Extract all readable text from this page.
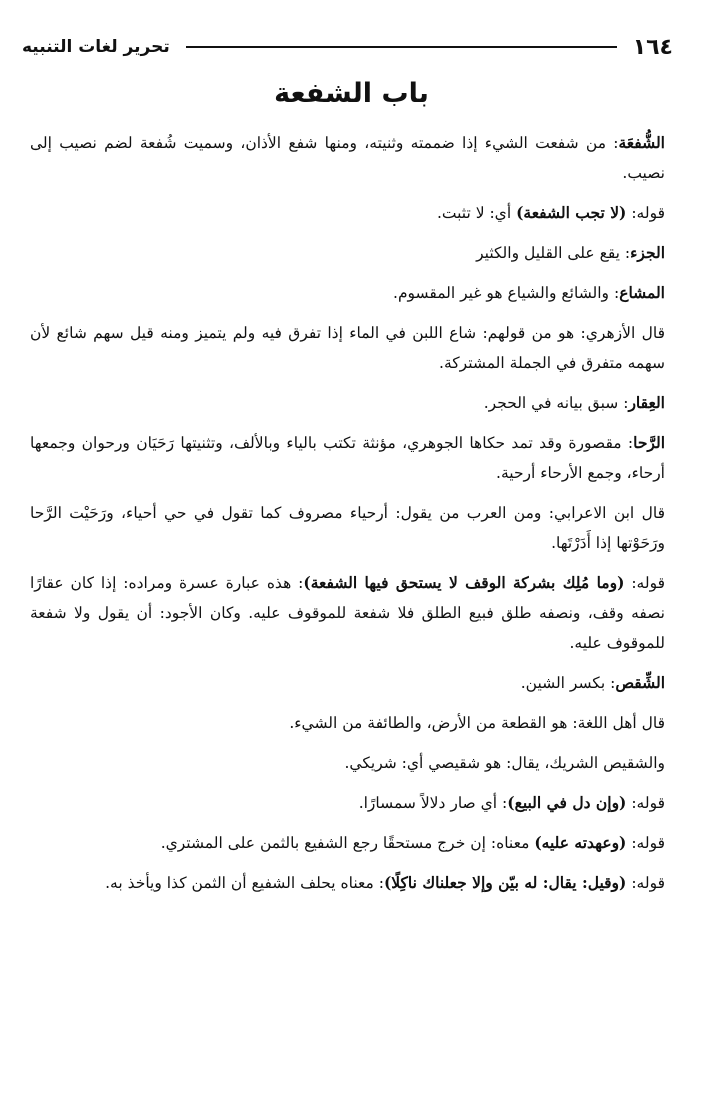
١٦٤
تحرير لغات التنبيه
باب الشفعة

الشُّفعَة: من شفعت الشيء إذا ضممته وثنيته، ومنها شفع الأذان، وسميت شُفعة لضم نصيب إلى نصيب.

قوله: (لا تجب الشفعة) أي: لا تثبت.

الجزء: يقع على القليل والكثير

المشاع: والشائع والشياع هو غير المقسوم.

قال الأزهري: هو من قولهم: شاع اللبن في الماء إذا تفرق فيه ولم يتميز ومنه قيل سهم شائع لأن سهمه متفرق في الجملة المشتركة.

العِقار: سبق بيانه في الحجر.

الرَّحا: مقصورة وقد تمد حكاها الجوهري، مؤنثة تكتب بالياء وبالألف، وتثنيتها رَحَيَان ورحوان وجمعها أرحاء، وجمع الأرحاء أرحية.

قال ابن الاعرابي: ومن العرب من يقول: أرحياء مصروف كما تقول في حي أحياء، ورَحَيْت الرَّحا ورَحَوْتها إذا أَدَرْتَها.

قوله: (وما مُلِك بشركة الوقف لا يستحق فيها الشفعة): هذه عبارة عسرة ومراده: إذا كان عقارًا نصفه وقف، ونصفه طلق فبيع الطلق فلا شفعة للموقوف عليه. وكان الأجود: أن يقول ولا شفعة للموقوف عليه.

الشِّقص: بكسر الشين.

قال أهل اللغة: هو القطعة من الأرض، والطائفة من الشيء.

والشقيص الشريك، يقال: هو شقيصي أي: شريكي.

قوله: (وإن دل في البيع): أي صار دلالاً سمسارًا.

قوله: (وعهدته عليه) معناه: إن خرج مستحقًا رجع الشفيع بالثمن على المشتري.

قوله: (وقيل: يقال: له بيّن وإلا جعلناك ناكِلًا): معناه يحلف الشفيع أن الثمن كذا ويأخذ به.
